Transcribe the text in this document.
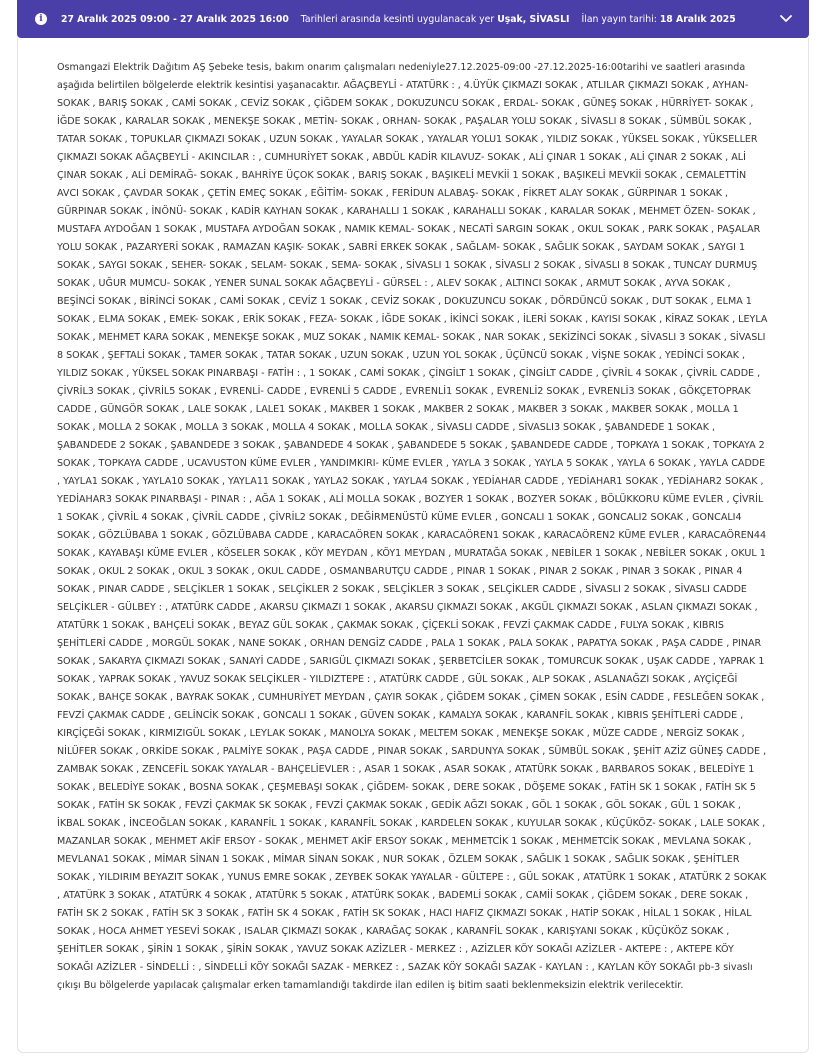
i	27 Aralık 2025 09:00 - 27 Aralık 2025 16:00 Tarihleri arasında kesinti uygulanacak yer Uşak, SİVASLI İlan yayın tarihi: 18 Aralık 2025
Osmangazi Elektrik Dağıtım AŞ Şebeke tesis, bakım onarım çalışmaları nedeniyle27.12.2025-09:00 -27.12.2025-16:00tarihi ve saatleri arasında aşağıda belirtilen bölgelerde elektrik kesintisi yaşanacaktır. AĞAÇBEYLİ - ATATÜRK : , 4.ÜYÜK ÇIKMAZI SOKAK , ATLILAR ÇIKMAZI SOKAK , AYHAN- SOKAK , BARIŞ SOKAK , CAMİ SOKAK , CEVİZ SOKAK , ÇİĞDEM SOKAK , DOKUZUNCU SOKAK , ERDAL- SOKAK , GÜNEŞ SOKAK , HÜRRİYET- SOKAK , İĞDE SOKAK , KARALAR SOKAK , MENEKŞE SOKAK , METİN- SOKAK , ORHAN- SOKAK , PAŞALAR YOLU SOKAK , SİVASLI 8 SOKAK , SÜMBÜL SOKAK , TATAR SOKAK , TOPUKLAR ÇIKMAZI SOKAK , UZUN SOKAK , YAYALAR SOKAK , YAYALAR YOLU1 SOKAK , YILDIZ SOKAK , YÜKSEL SOKAK , YÜKSELLER ÇIKMAZI SOKAK AĞAÇBEYLİ - AKINCILAR : , CUMHURİYET SOKAK , ABDÜL KADİR KILAVUZ- SOKAK , ALİ ÇINAR 1 SOKAK , ALİ ÇINAR 2 SOKAK , ALİ ÇINAR SOKAK , ALİ DEMİRAĞ- SOKAK , BAHRİYE ÜÇOK SOKAK , BARIŞ SOKAK , BAŞIKELİ MEVKİİ 1 SOKAK , BAŞIKELİ MEVKİİ SOKAK , CEMALETTİN AVCI SOKAK , ÇAVDAR SOKAK , ÇETİN EMEÇ SOKAK , EĞİTİM- SOKAK , FERİDUN ALABAŞ- SOKAK , FİKRET ALAY SOKAK , GÜRPINAR 1 SOKAK , GÜRPINAR SOKAK , İNÖNÜ- SOKAK , KADİR KAYHAN SOKAK , KARAHALLI 1 SOKAK , KARAHALLI SOKAK , KARALAR SOKAK , MEHMET ÖZEN- SOKAK , MUSTAFA AYDOĞAN 1 SOKAK , MUSTAFA AYDOĞAN SOKAK , NAMIK KEMAL- SOKAK , NECATİ SARGIN SOKAK , OKUL SOKAK , PARK SOKAK , PAŞALAR YOLU SOKAK , PAZARYERİ SOKAK , RAMAZAN KAŞIK- SOKAK , SABRİ ERKEK SOKAK , SAĞLAM- SOKAK , SAĞLIK SOKAK , SAYDAM SOKAK , SAYGI 1 SOKAK , SAYGI SOKAK , SEHER- SOKAK , SELAM- SOKAK , SEMA- SOKAK , SİVASLI 1 SOKAK , SİVASLI 2 SOKAK , SİVASLI 8 SOKAK , TUNCAY DURMUŞ SOKAK , UĞUR MUMCU- SOKAK , YENER SUNAL SOKAK AĞAÇBEYLİ - GÜRSEL : , ALEV SOKAK , ALTINCI SOKAK , ARMUT SOKAK , AYVA SOKAK , BEŞİNCİ SOKAK , BİRİNCİ SOKAK , CAMİ SOKAK , CEVİZ 1 SOKAK , CEVİZ SOKAK , DOKUZUNCU SOKAK , DÖRDÜNCÜ SOKAK , DUT SOKAK , ELMA 1 SOKAK , ELMA SOKAK , EMEK- SOKAK , ERİK SOKAK , FEZA- SOKAK , İĞDE SOKAK , İKİNCİ SOKAK , İLERİ SOKAK , KAYISI SOKAK , KİRAZ SOKAK , LEYLA SOKAK , MEHMET KARA SOKAK , MENEKŞE SOKAK , MUZ SOKAK , NAMIK KEMAL- SOKAK , NAR SOKAK , SEKİZİNCİ SOKAK , SİVASLI 3 SOKAK , SİVASLI 8 SOKAK , ŞEFTALİ SOKAK , TAMER SOKAK , TATAR SOKAK , UZUN SOKAK , UZUN YOL SOKAK , ÜÇÜNCÜ SOKAK , VİŞNE SOKAK , YEDİNCİ SOKAK , YILDIZ SOKAK , YÜKSEL SOKAK PINARBAŞI - FATİH : , 1 SOKAK , CAMİ SOKAK , ÇİNGİLT 1 SOKAK , ÇİNGİLT CADDE , ÇİVRİL 4 SOKAK , ÇİVRİL CADDE , ÇİVRİL3 SOKAK , ÇİVRİL5 SOKAK , EVRENLİ- CADDE , EVRENLİ 5 CADDE , EVRENLİ1 SOKAK , EVRENLİ2 SOKAK , EVRENLİ3 SOKAK , GÖKÇETOPRAK CADDE , GÜNGÖR SOKAK , LALE SOKAK , LALE1 SOKAK , MAKBER 1 SOKAK , MAKBER 2 SOKAK , MAKBER 3 SOKAK , MAKBER SOKAK , MOLLA 1 SOKAK , MOLLA 2 SOKAK , MOLLA 3 SOKAK , MOLLA 4 SOKAK , MOLLA SOKAK , SİVASLI CADDE , SİVASLI3 SOKAK , ŞABANDEDE 1 SOKAK , ŞABANDEDE 2 SOKAK , ŞABANDEDE 3 SOKAK , ŞABANDEDE 4 SOKAK , ŞABANDEDE 5 SOKAK , ŞABANDEDE CADDE , TOPKAYA 1 SOKAK , TOPKAYA 2 SOKAK , TOPKAYA CADDE , UCAVUSTON KÜME EVLER , YANDIMKIRI- KÜME EVLER , YAYLA 3 SOKAK , YAYLA 5 SOKAK , YAYLA 6 SOKAK , YAYLA CADDE , YAYLA1 SOKAK , YAYLA10 SOKAK , YAYLA11 SOKAK , YAYLA2 SOKAK , YAYLA4 SOKAK , YEDİAHAR CADDE , YEDİAHAR1 SOKAK , YEDİAHAR2 SOKAK , YEDİAHAR3 SOKAK PINARBAŞI - PINAR : , AĞA 1 SOKAK , ALİ MOLLA SOKAK , BOZYER 1 SOKAK , BOZYER SOKAK , BÖLÜKKORU KÜME EVLER , ÇİVRİL 1 SOKAK , ÇİVRİL 4 SOKAK , ÇİVRİL CADDE , ÇİVRİL2 SOKAK , DEĞİRMENÜSTÜ KÜME EVLER , GONCALI 1 SOKAK , GONCALI2 SOKAK , GONCALI4 SOKAK , GÖZLÜBABA 1 SOKAK , GÖZLÜBABA CADDE , KARACAÖREN SOKAK , KARACAÖREN1 SOKAK , KARACAÖREN2 KÜME EVLER , KARACAÖREN44 SOKAK , KAYABAŞI KÜME EVLER , KÖSELER SOKAK , KÖY MEYDAN , KÖY1 MEYDAN , MURATAĞA SOKAK , NEBİLER 1 SOKAK , NEBİLER SOKAK , OKUL 1 SOKAK , OKUL 2 SOKAK , OKUL 3 SOKAK , OKUL CADDE , OSMANBARUTÇU CADDE , PINAR 1 SOKAK , PINAR 2 SOKAK , PINAR 3 SOKAK , PINAR 4 SOKAK , PINAR CADDE , SELÇİKLER 1 SOKAK , SELÇİKLER 2 SOKAK , SELÇİKLER 3 SOKAK , SELÇİKLER CADDE , SİVASLI 2 SOKAK , SİVASLI CADDE SELÇİKLER - GÜLBEY : , ATATÜRK CADDE , AKARSU ÇIKMAZI 1 SOKAK , AKARSU ÇIKMAZI SOKAK , AKGÜL ÇIKMAZI SOKAK , ASLAN ÇIKMAZI SOKAK , ATATÜRK 1 SOKAK , BAHÇELİ SOKAK , BEYAZ GÜL SOKAK , ÇAKMAK SOKAK , ÇİÇEKLİ SOKAK , FEVZİ ÇAKMAK CADDE , FULYA SOKAK , KIBRIS ŞEHİTLERİ CADDE , MORGÜL SOKAK , NANE SOKAK , ORHAN DENGİZ CADDE , PALA 1 SOKAK , PALA SOKAK , PAPATYA SOKAK , PAŞA CADDE , PINAR SOKAK , SAKARYA ÇIKMAZI SOKAK , SANAYİ CADDE , SARIGÜL ÇIKMAZI SOKAK , ŞERBETCİLER SOKAK , TOMURCUK SOKAK , UŞAK CADDE , YAPRAK 1 SOKAK , YAPRAK SOKAK , YAVUZ SOKAK SELÇİKLER - YILDIZTEPE : , ATATÜRK CADDE , GÜL SOKAK , ALP SOKAK , ASLANAĞZI SOKAK , AYÇİÇEĞİ SOKAK , BAHÇE SOKAK , BAYRAK SOKAK , CUMHURİYET MEYDAN , ÇAYIR SOKAK , ÇİĞDEM SOKAK , ÇİMEN SOKAK , ESİN CADDE , FESLEĞEN SOKAK , FEVZİ ÇAKMAK CADDE , GELİNCİK SOKAK , GONCALI 1 SOKAK , GÜVEN SOKAK , KAMALYA SOKAK , KARANFİL SOKAK , KIBRIS ŞEHİTLERİ CADDE , KIRÇİÇEĞİ SOKAK , KIRMIZIGÜL SOKAK , LEYLAK SOKAK , MANOLYA SOKAK , MELTEM SOKAK , MENEKŞE SOKAK , MÜZE CADDE , NERGİZ SOKAK , NİLÜFER SOKAK , ORKİDE SOKAK , PALMİYE SOKAK , PAŞA CADDE , PINAR SOKAK , SARDUNYA SOKAK , SÜMBÜL SOKAK , ŞEHİT AZİZ GÜNEŞ CADDE , ZAMBAK SOKAK , ZENCEFİL SOKAK YAYALAR - BAHÇELİEVLER : , ASAR 1 SOKAK , ASAR SOKAK , ATATÜRK SOKAK , BARBAROS SOKAK , BELEDİYE 1 SOKAK , BELEDİYE SOKAK , BOSNA SOKAK , ÇEŞMEBAŞI SOKAK , ÇİĞDEM- SOKAK , DERE SOKAK , DÖŞEME SOKAK , FATİH SK 1 SOKAK , FATİH SK 5 SOKAK , FATİH SK SOKAK , FEVZİ ÇAKMAK SK SOKAK , FEVZİ ÇAKMAK SOKAK , GEDİK AĞZI SOKAK , GÖL 1 SOKAK , GÖL SOKAK , GÜL 1 SOKAK , İKBAL SOKAK , İNCEOĞLAN SOKAK , KARANFİL 1 SOKAK , KARANFİL SOKAK , KARDELEN SOKAK , KUYULAR SOKAK , KÜÇÜKÖZ- SOKAK , LALE SOKAK , MAZANLAR SOKAK , MEHMET AKİF ERSOY - SOKAK , MEHMET AKİF ERSOY SOKAK , MEHMETCİK 1 SOKAK , MEHMETCİK SOKAK , MEVLANA SOKAK , MEVLANA1 SOKAK , MİMAR SİNAN 1 SOKAK , MİMAR SİNAN SOKAK , NUR SOKAK , ÖZLEM SOKAK , SAĞLIK 1 SOKAK , SAĞLIK SOKAK , ŞEHİTLER SOKAK , YILDIRIM BEYAZIT SOKAK , YUNUS EMRE SOKAK , ZEYBEK SOKAK YAYALAR - GÜLTEPE : , GÜL SOKAK , ATATÜRK 1 SOKAK , ATATÜRK 2 SOKAK , ATATÜRK 3 SOKAK , ATATÜRK 4 SOKAK , ATATÜRK 5 SOKAK , ATATÜRK SOKAK , BADEMLİ SOKAK , CAMİİ SOKAK , ÇİĞDEM SOKAK , DERE SOKAK , FATİH SK 2 SOKAK , FATİH SK 3 SOKAK , FATİH SK 4 SOKAK , FATİH SK SOKAK , HACI HAFIZ ÇIKMAZI SOKAK , HATİP SOKAK , HİLAL 1 SOKAK , HİLAL SOKAK , HOCA AHMET YESEVİ SOKAK , ISALAR ÇIKMAZI SOKAK , KARAĞAÇ SOKAK , KARANFİL SOKAK , KARIŞYANI SOKAK , KÜÇÜKÖZ SOKAK , ŞEHİTLER SOKAK , ŞİRİN 1 SOKAK , ŞİRİN SOKAK , YAVUZ SOKAK AZİZLER - MERKEZ : , AZİZLER KÖY SOKAĞI AZİZLER - AKTEPE : , AKTEPE KÖY SOKAĞI AZİZLER - SİNDELLİ : , SİNDELLİ KÖY SOKAĞI SAZAK - MERKEZ : , SAZAK KÖY SOKAĞI SAZAK - KAYLAN : , KAYLAN KÖY SOKAĞI pb-3 sivaslı çıkışı Bu bölgelerde yapılacak çalışmalar erken tamamlandığı takdirde ilan edilen iş bitim saati beklenmeksizin elektrik verilecektir.
